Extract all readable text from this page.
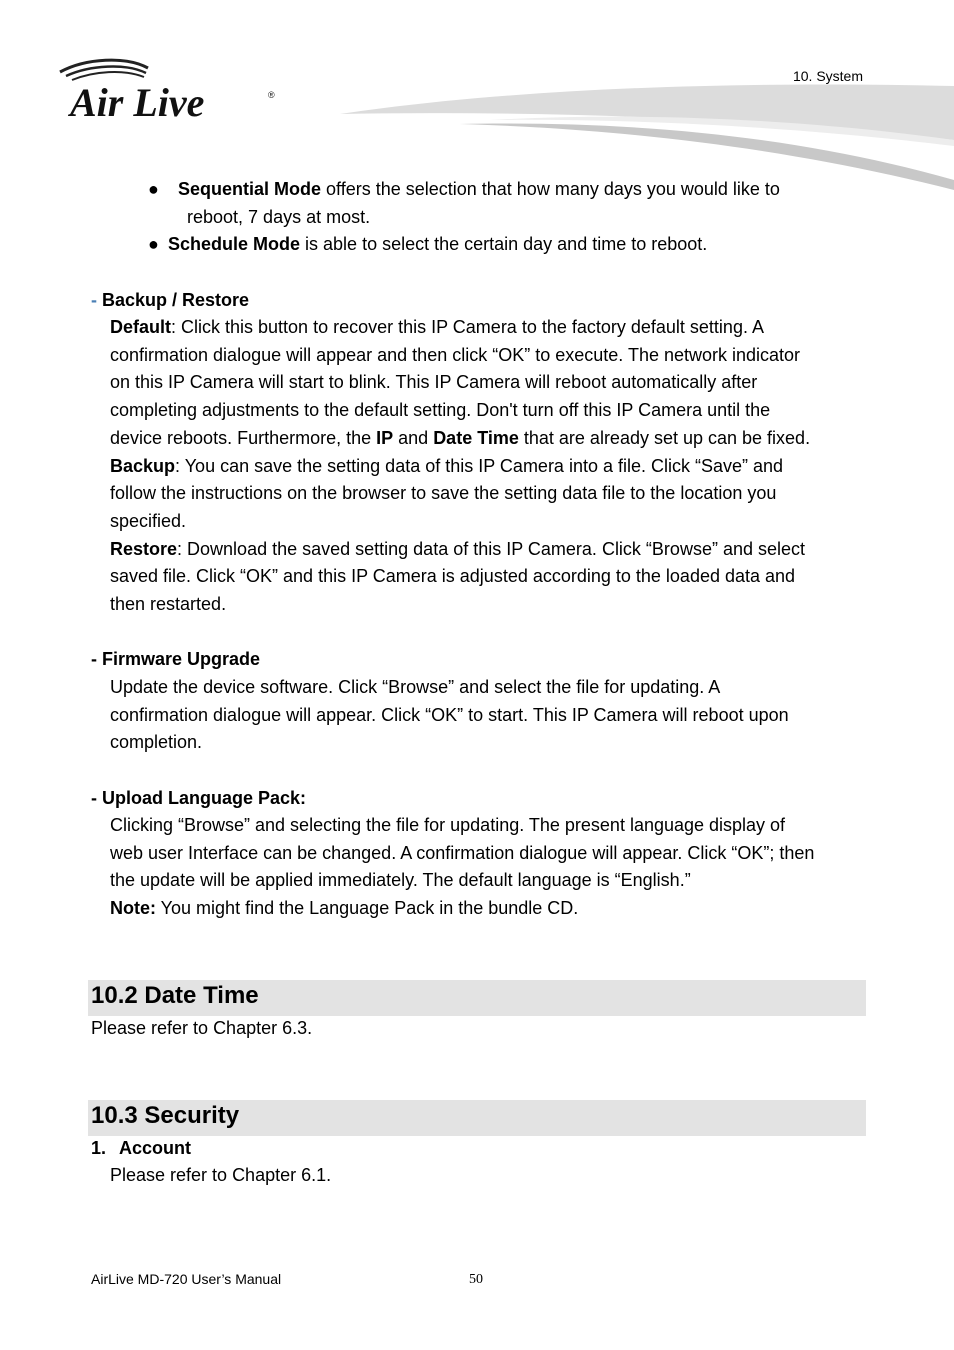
Air Live	®
10. System
● Sequential Mode offers the selection that how many days you would like to
reboot, 7 days at most.
● Schedule Mode is able to select the certain day and time to reboot.
- Backup / Restore
Default: Click this button to recover this IP Camera to the factory default setting. A
confirmation dialogue will appear and then click “OK” to execute. The network indicator
on this IP Camera will start to blink. This IP Camera will reboot automatically after
completing adjustments to the default setting. Don't turn off this IP Camera until the
device reboots. Furthermore, the IP and Date Time that are already set up can be fixed.
Backup: You can save the setting data of this IP Camera into a file. Click “Save” and
follow the instructions on the browser to save the setting data file to the location you
specified.
Restore: Download the saved setting data of this IP Camera. Click “Browse” and select
saved file. Click “OK” and this IP Camera is adjusted according to the loaded data and
then restarted.
- Firmware Upgrade
Update the device software. Click “Browse” and select the file for updating. A
confirmation dialogue will appear. Click “OK” to start. This IP Camera will reboot upon
completion.
- Upload Language Pack:
Clicking “Browse” and selecting the file for updating. The present language display of
web user Interface can be changed. A confirmation dialogue will appear. Click “OK”; then
the update will be applied immediately. The default language is “English.”
Note: You might find the Language Pack in the bundle CD.
10.2 Date Time
Please refer to Chapter 6.3.
10.3 Security
1. Account
Please refer to Chapter 6.1.
AirLive MD-720 User’s Manual	50
